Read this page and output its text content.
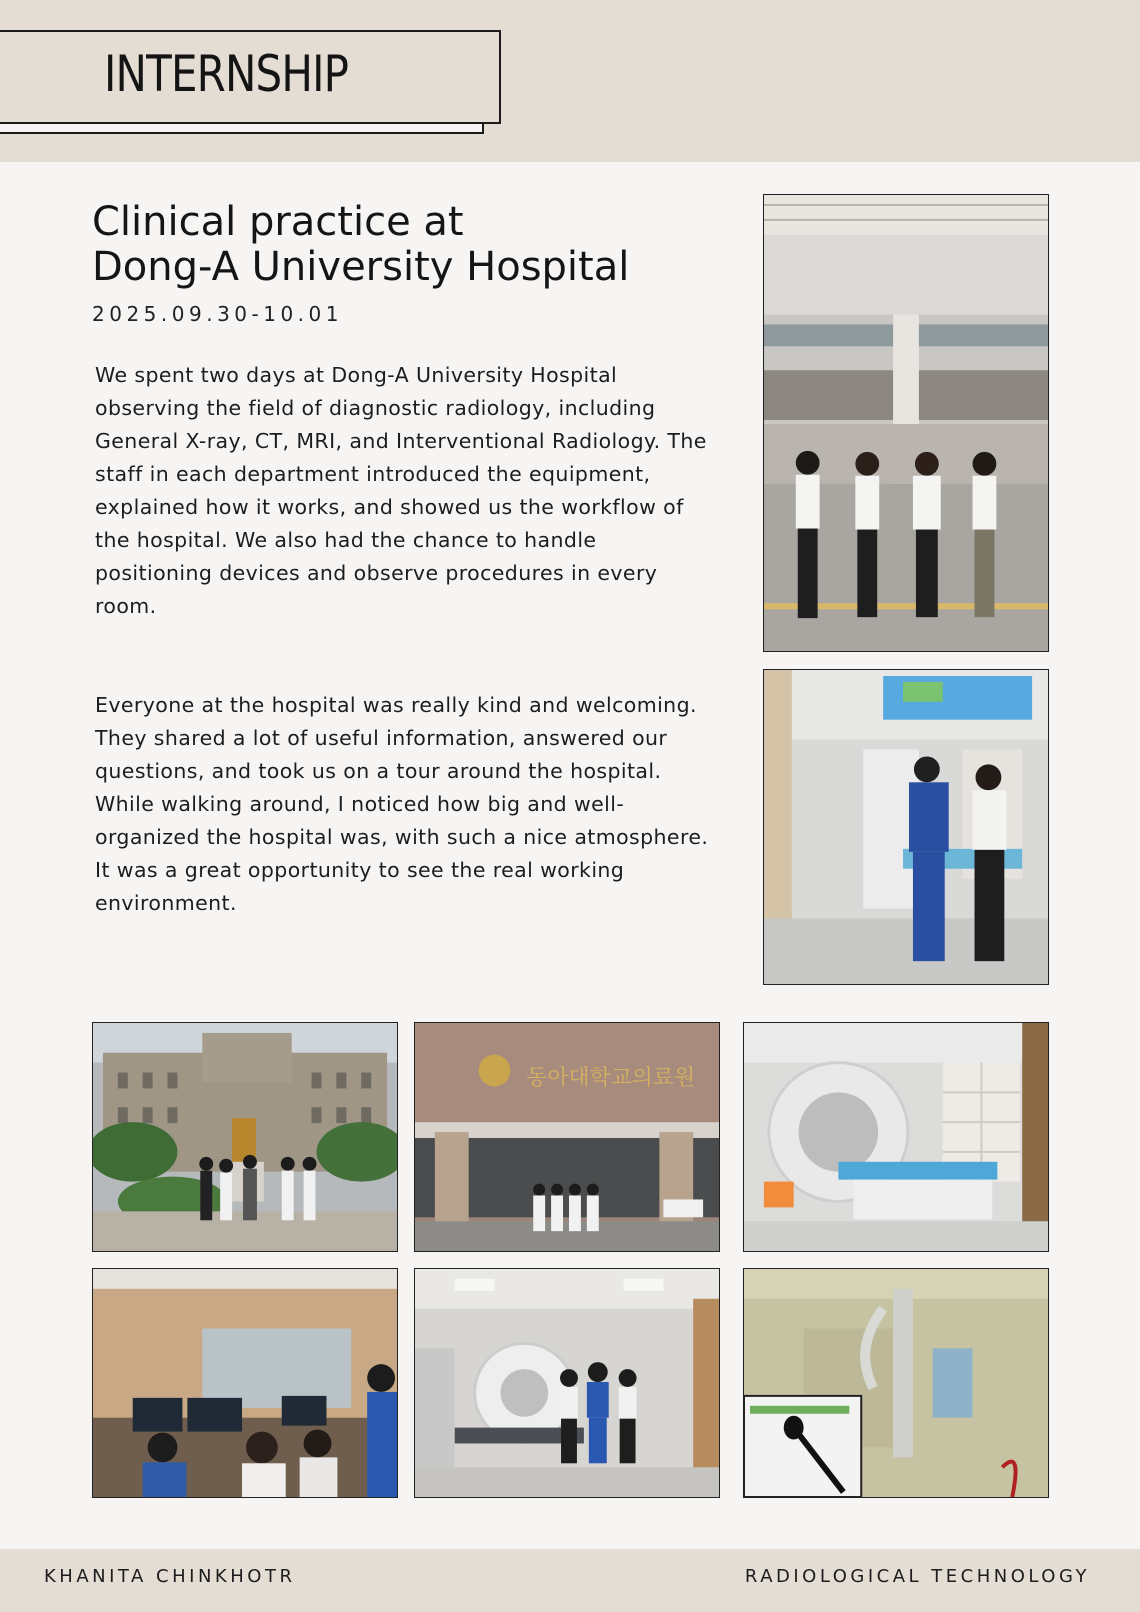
INTERNSHIP
Clinical practice at
Dong-A University Hospital
2025.09.30-10.01
We spent two days at Dong-A University Hospital observing the field of diagnostic radiology, including General X-ray, CT, MRI, and Interventional Radiology. The staff in each department introduced the equipment, explained how it works, and showed us the workflow of the hospital. We also had the chance to handle positioning devices and observe procedures in every room.
Everyone at the hospital was really kind and welcoming. They shared a lot of useful information, answered our questions, and took us on a tour around the hospital. While walking around, I noticed how big and well-organized the hospital was, with such a nice atmosphere. It was a great opportunity to see the real working environment.
동아대학교의료원
KHANITA CHINKHOTR	RADIOLOGICAL TECHNOLOGY
